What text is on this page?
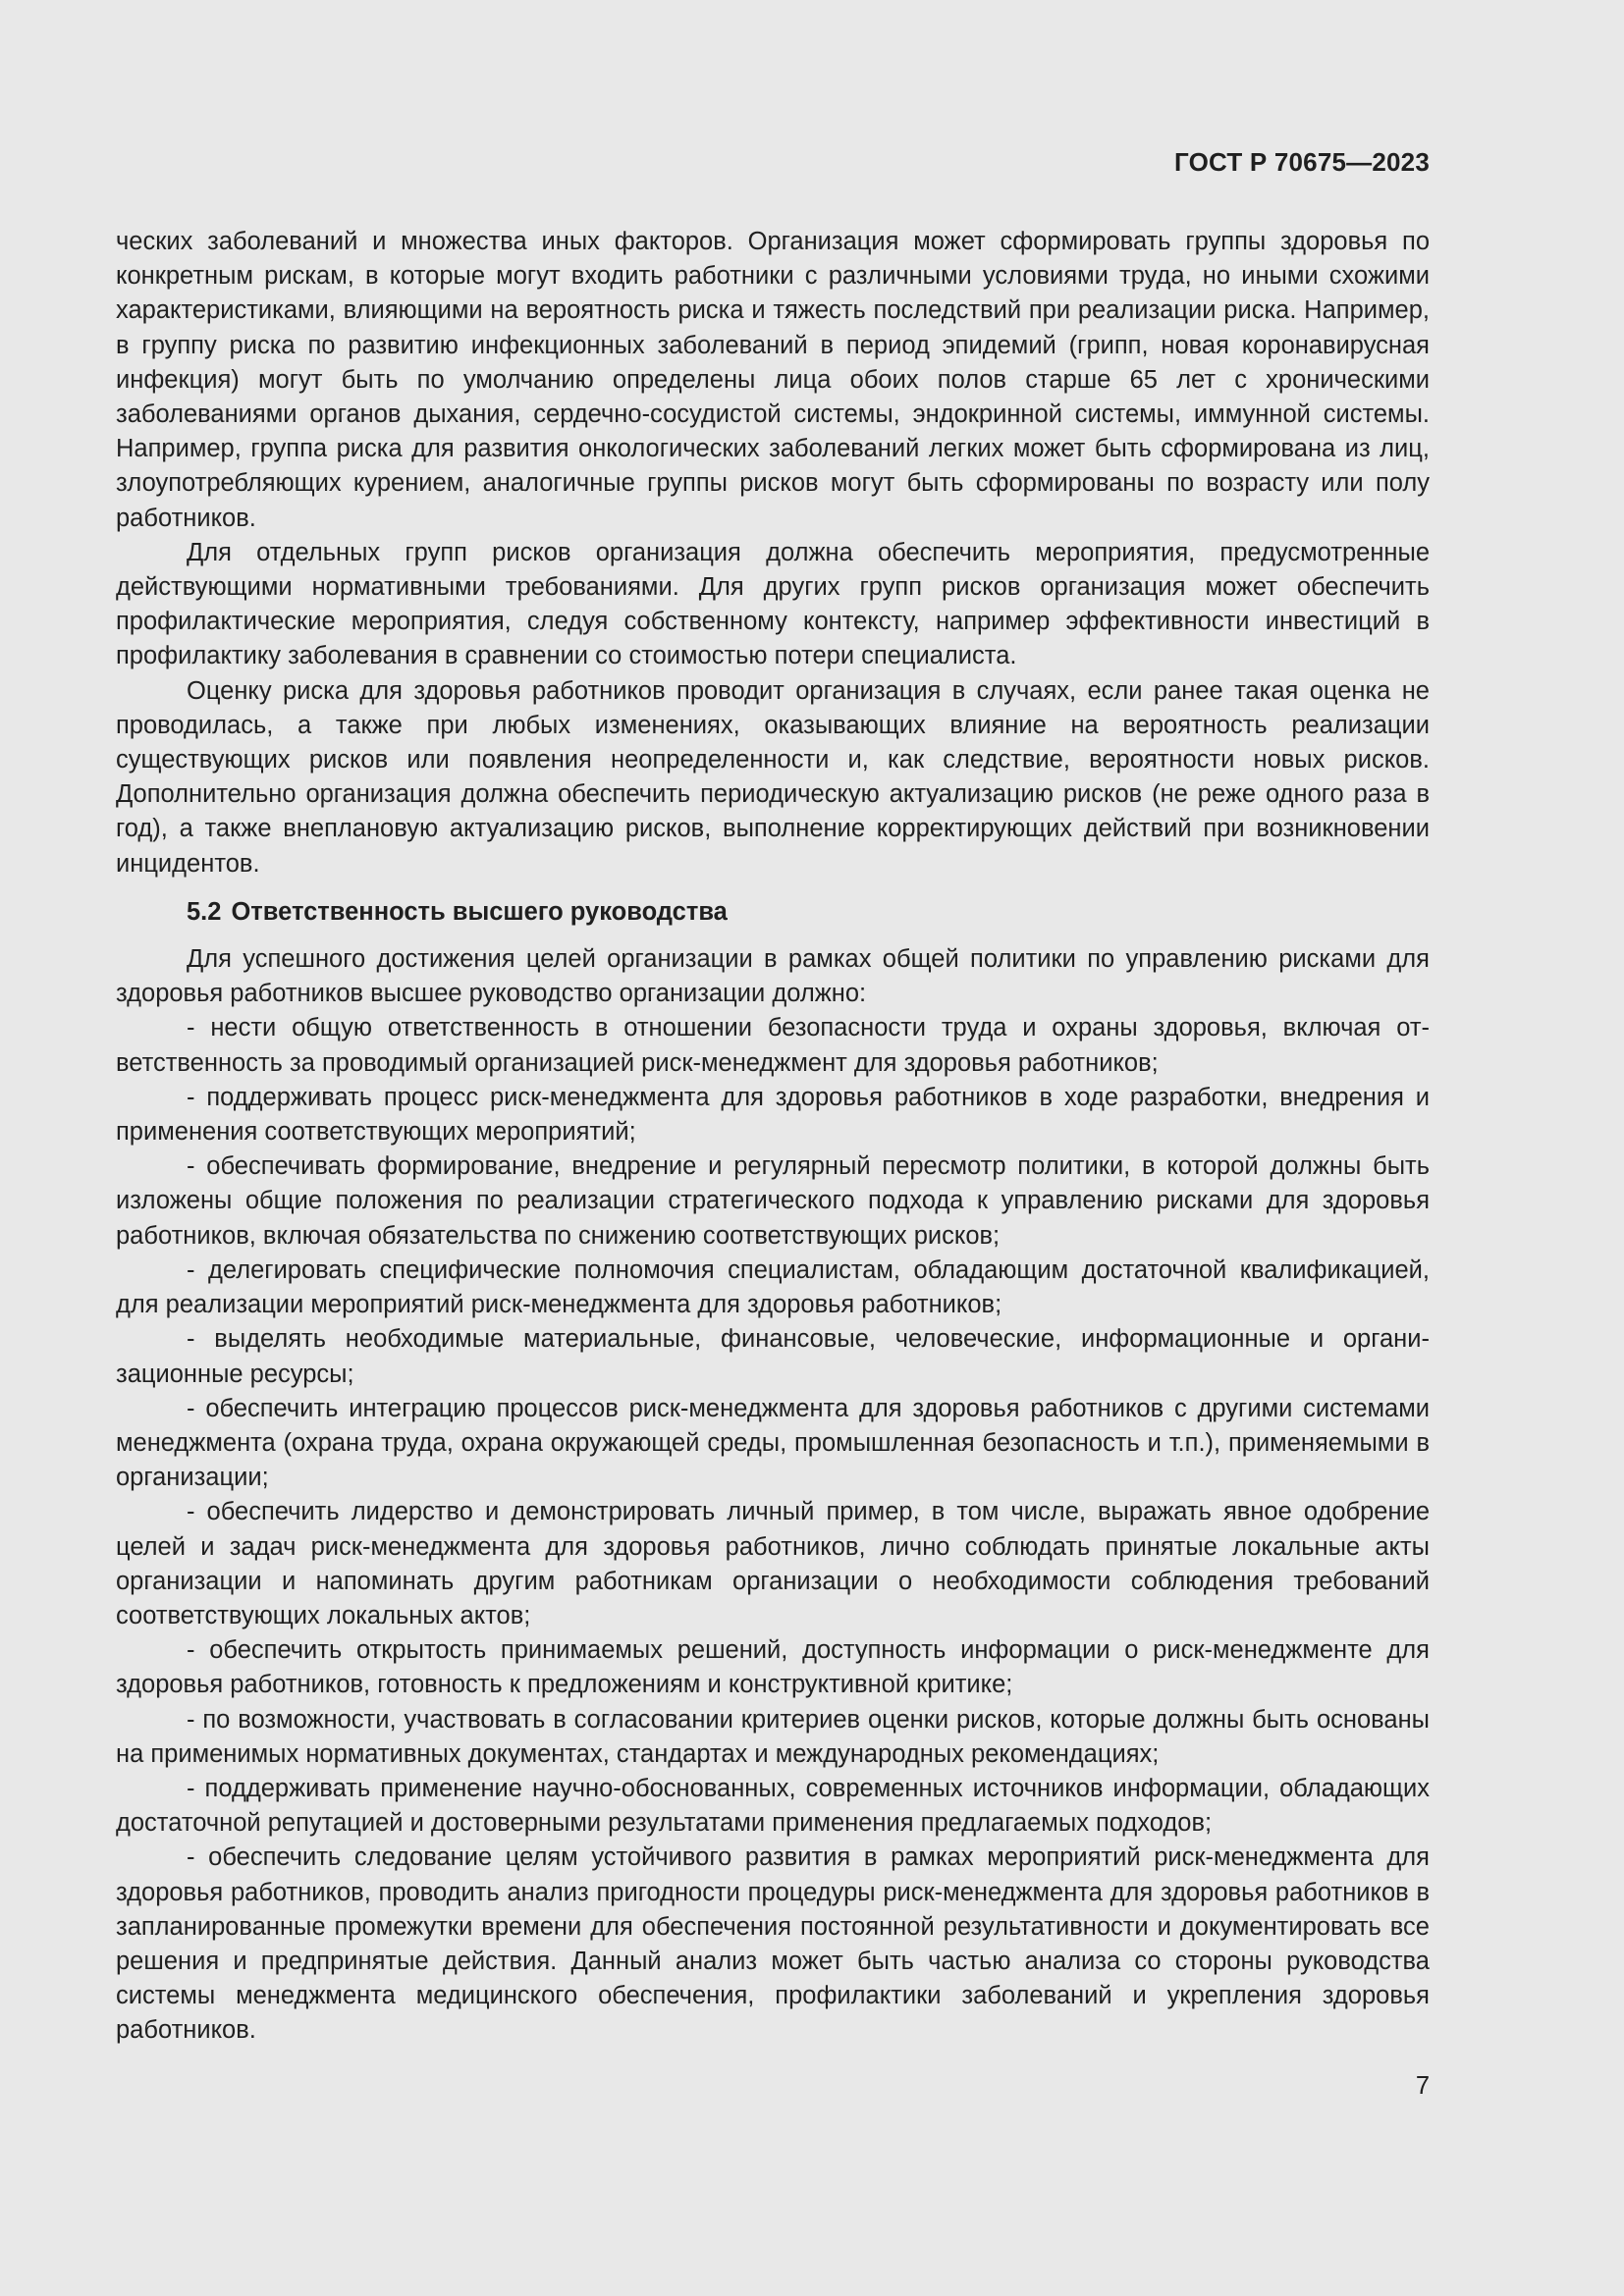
ГОСТ Р 70675—2023

ческих заболеваний и множества иных факторов. Организация может сформировать группы здоровья по конкретным рискам, в которые могут входить работники с различными условиями труда, но иными схожими характеристиками, влияющими на вероятность риска и тяжесть последствий при реализации риска. Например, в группу риска по развитию инфекционных заболеваний в период эпидемий (грипп, новая коронавирусная инфекция) могут быть по умолчанию определены лица обоих полов старше 65 лет с хроническими заболеваниями органов дыхания, сердечно-сосудистой системы, эндокринной системы, иммунной системы. Например, группа риска для развития онкологических заболеваний легких может быть сформирована из лиц, злоупотребляющих курением, аналогичные группы рисков могут быть сформированы по возрасту или полу работников.

Для отдельных групп рисков организация должна обеспечить мероприятия, предусмотренные действующими нормативными требованиями. Для других групп рисков организация может обеспечить профилактические мероприятия, следуя собственному контексту, например эффективности инвестиций в профилактику заболевания в сравнении со стоимостью потери специалиста.

Оценку риска для здоровья работников проводит организация в случаях, если ранее такая оценка не проводилась, а также при любых изменениях, оказывающих влияние на вероятность реализации существующих рисков или появления неопределенности и, как следствие, вероятности новых рисков. Дополнительно организация должна обеспечить периодическую актуализацию рисков (не реже одного раза в год), а также внеплановую актуализацию рисков, выполнение корректирующих действий при возникновении инцидентов.

5.2 Ответственность высшего руководства

Для успешного достижения целей организации в рамках общей политики по управлению рисками для здоровья работников высшее руководство организации должно:

- нести общую ответственность в отношении безопасности труда и охраны здоровья, включая ответственность за проводимый организацией риск-менеджмент для здоровья работников;

- поддерживать процесс риск-менеджмента для здоровья работников в ходе разработки, внедрения и применения соответствующих мероприятий;

- обеспечивать формирование, внедрение и регулярный пересмотр политики, в которой должны быть изложены общие положения по реализации стратегического подхода к управлению рисками для здоровья работников, включая обязательства по снижению соответствующих рисков;

- делегировать специфические полномочия специалистам, обладающим достаточной квалификацией, для реализации мероприятий риск-менеджмента для здоровья работников;

- выделять необходимые материальные, финансовые, человеческие, информационные и организационные ресурсы;

- обеспечить интеграцию процессов риск-менеджмента для здоровья работников с другими системами менеджмента (охрана труда, охрана окружающей среды, промышленная безопасность и т.п.), применяемыми в организации;

- обеспечить лидерство и демонстрировать личный пример, в том числе, выражать явное одобрение целей и задач риск-менеджмента для здоровья работников, лично соблюдать принятые локальные акты организации и напоминать другим работникам организации о необходимости соблюдения требований соответствующих локальных актов;

- обеспечить открытость принимаемых решений, доступность информации о риск-менеджменте для здоровья работников, готовность к предложениям и конструктивной критике;

- по возможности, участвовать в согласовании критериев оценки рисков, которые должны быть основаны на применимых нормативных документах, стандартах и международных рекомендациях;

- поддерживать применение научно-обоснованных, современных источников информации, обладающих достаточной репутацией и достоверными результатами применения предлагаемых подходов;

- обеспечить следование целям устойчивого развития в рамках мероприятий риск-менеджмента для здоровья работников, проводить анализ пригодности процедуры риск-менеджмента для здоровья работников в запланированные промежутки времени для обеспечения постоянной результативности и документировать все решения и предпринятые действия. Данный анализ может быть частью анализа со стороны руководства системы менеджмента медицинского обеспечения, профилактики заболеваний и укрепления здоровья работников.

7
